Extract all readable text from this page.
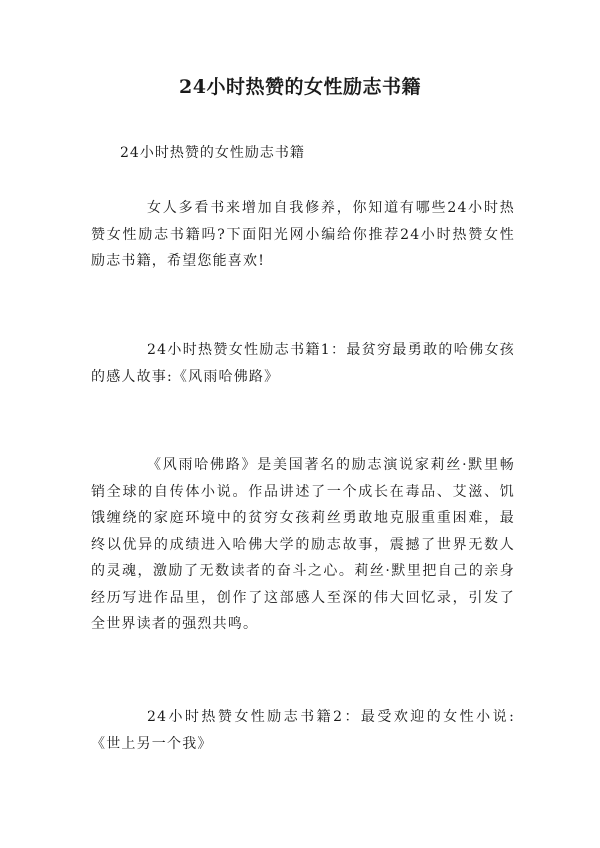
24小时热赞的女性励志书籍
24小时热赞的女性励志书籍

女人多看书来增加自我修养，你知道有哪些24小时热赞女性励志书籍吗?下面阳光网小编给你推荐24小时热赞女性励志书籍，希望您能喜欢!

24小时热赞女性励志书籍1：最贫穷最勇敢的哈佛女孩的感人故事:《风雨哈佛路》

《风雨哈佛路》是美国著名的励志演说家莉丝·默里畅销全球的自传体小说。作品讲述了一个成长在毒品、艾滋、饥饿缠绕的家庭环境中的贫穷女孩莉丝勇敢地克服重重困难，最终以优异的成绩进入哈佛大学的励志故事，震撼了世界无数人的灵魂，激励了无数读者的奋斗之心。莉丝·默里把自己的亲身经历写进作品里，创作了这部感人至深的伟大回忆录，引发了全世界读者的强烈共鸣。

24小时热赞女性励志书籍2：最受欢迎的女性小说:《世上另一个我》
